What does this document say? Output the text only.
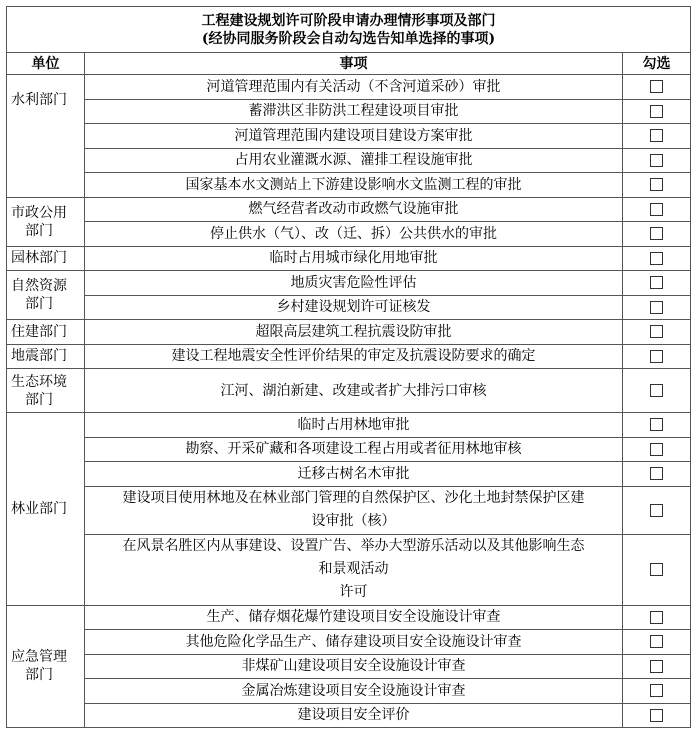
工程建设规划许可阶段申请办理情形事项及部门
(经协同服务阶段会自动勾选告知单选择的事项)		

单位	事项	勾选
水利部门	河道管理范围内有关活动（不含河道采砂）审批	
	蓄滞洪区非防洪工程建设项目审批	
	河道管理范围内建设项目建设方案审批	
	占用农业灌溉水源、灌排工程设施审批	
	国家基本水文测站上下游建设影响水文监测工程的审批	

市政公用
部门	燃气经营者改动市政燃气设施审批	
	停止供水（气）、改（迁、拆）公共供水的审批	
园林部门	临时占用城市绿化用地审批	

自然资源
部门	地质灾害危险性评估	
	乡村建设规划许可证核发	
住建部门	超限高层建筑工程抗震设防审批	
地震部门	建设工程地震安全性评价结果的审定及抗震设防要求的确定	

生态环境
部门	江河、湖泊新建、改建或者扩大排污口审核	
林业部门	临时占用林地审批	
	勘察、开采矿藏和各项建设工程占用或者征用林地审核	
	迁移古树名木审批	

	建设项目使用林地及在林业部门管理的自然保护区、沙化土地封禁保护区建
设审批（核）	

	在风景名胜区内从事建设、设置广告、举办大型游乐活动以及其他影响生态
和景观活动
许可	

应急管理
部门	生产、储存烟花爆竹建设项目安全设施设计审查	
	其他危险化学品生产、储存建设项目安全设施设计审查	
	非煤矿山建设项目安全设施设计审查	
	金属冶炼建设项目安全设施设计审查	
	建设项目安全评价	
